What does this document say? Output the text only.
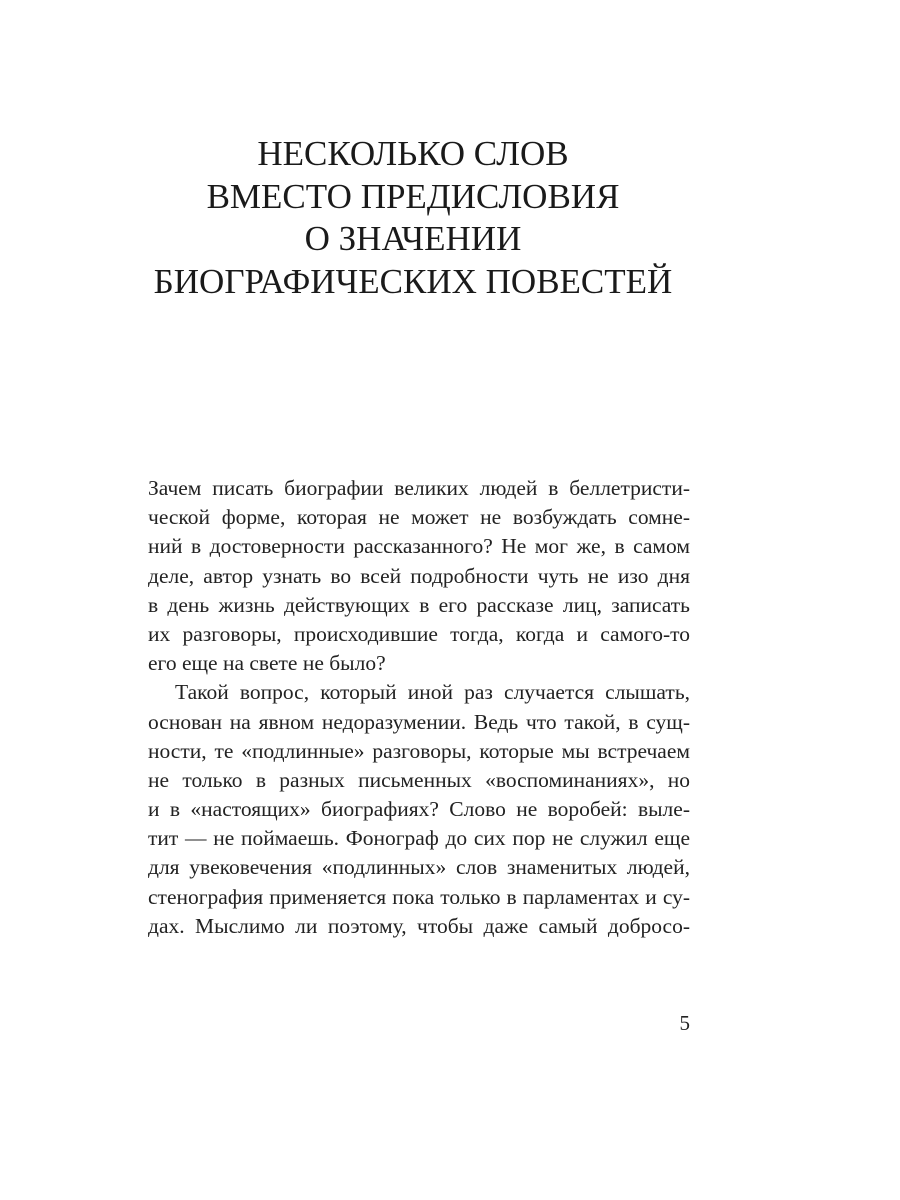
НЕСКОЛЬКО СЛОВ
ВМЕСТО ПРЕДИСЛОВИЯ
О ЗНАЧЕНИИ
БИОГРАФИЧЕСКИХ ПОВЕСТЕЙ
Зачем писать биографии великих людей в беллетристи-
ческой форме, которая не может не возбуждать сомне-
ний в достоверности рассказанного? Не мог же, в самом
деле, автор узнать во всей подробности чуть не изо дня
в день жизнь действующих в его рассказе лиц, записать
их разговоры, происходившие тогда, когда и самого-то
его еще на свете не было?
Такой вопрос, который иной раз случается слышать,
основан на явном недоразумении. Ведь что такой, в сущ-
ности, те «подлинные» разговоры, которые мы встречаем
не только в разных письменных «воспоминаниях», но
и в «настоящих» биографиях? Слово не воробей: выле-
тит — не поймаешь. Фонограф до сих пор не служил еще
для увековечения «подлинных» слов знаменитых людей,
стенография применяется пока только в парламентах и су-
дах. Мыслимо ли поэтому, чтобы даже самый добросо-
5
